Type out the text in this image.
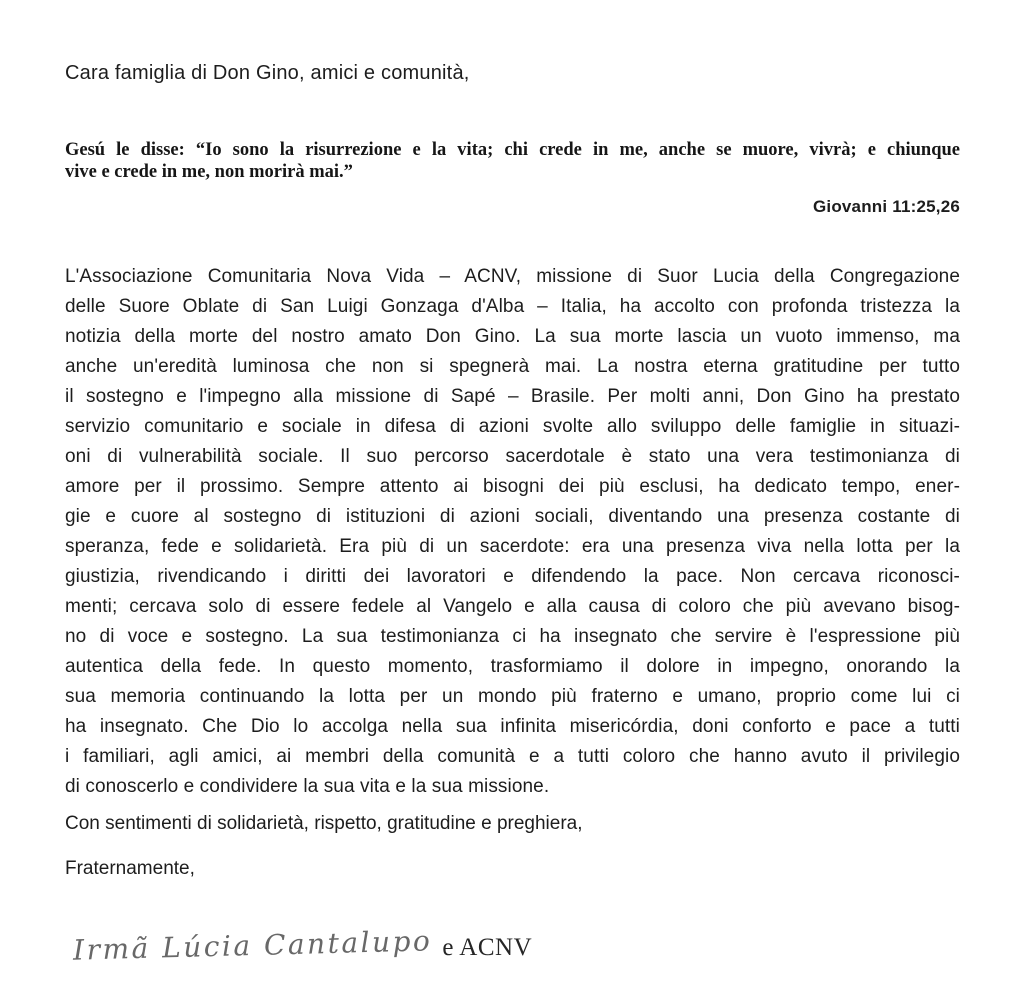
Cara famiglia di Don Gino, amici e comunità,

Gesú le disse: “Io sono la risurrezione e la vita; chi crede in me, anche se muore, vivrà; e chiunque
vive e crede in me, non morirà mai.”

Giovanni 11:25,26

L'Associazione Comunitaria Nova Vida – ACNV, missione di Suor Lucia della Congregazione
delle Suore Oblate di San Luigi Gonzaga d'Alba – Italia, ha accolto con profonda tristezza la
notizia della morte del nostro amato Don Gino. La sua morte lascia un vuoto immenso, ma
anche un'eredità luminosa che non si spegnerà mai. La nostra eterna gratitudine per tutto
il sostegno e l'impegno alla missione di Sapé – Brasile. Per molti anni, Don Gino ha prestato
servizio comunitario e sociale in difesa di azioni svolte allo sviluppo delle famiglie in situazi-
oni di vulnerabilità sociale. Il suo percorso sacerdotale è stato una vera testimonianza di
amore per il prossimo. Sempre attento ai bisogni dei più esclusi, ha dedicato tempo, ener-
gie e cuore al sostegno di istituzioni di azioni sociali, diventando una presenza costante di
speranza, fede e solidarietà. Era più di un sacerdote: era una presenza viva nella lotta per la
giustizia, rivendicando i diritti dei lavoratori e difendendo la pace. Non cercava riconosci-
menti; cercava solo di essere fedele al Vangelo e alla causa di coloro che più avevano bisog-
no di voce e sostegno. La sua testimonianza ci ha insegnato che servire è l'espressione più
autentica della fede. In questo momento, trasformiamo il dolore in impegno, onorando la
sua memoria continuando la lotta per un mondo più fraterno e umano, proprio come lui ci
ha insegnato. Che Dio lo accolga nella sua infinita misericórdia, doni conforto e pace a tutti
i familiari, agli amici, ai membri della comunità e a tutti coloro che hanno avuto il privilegio
di conoscerlo e condividere la sua vita e la sua missione.

Con sentimenti di solidarietà, rispetto, gratitudine e preghiera,

Fraternamente,

Irmã Lúcia Cantalupo e ACNV
